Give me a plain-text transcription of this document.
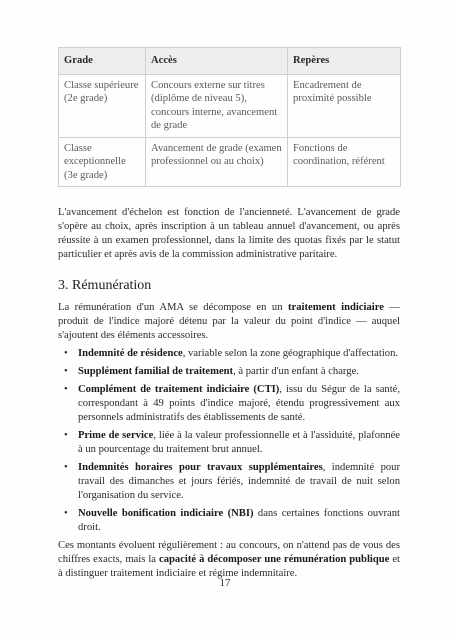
Grade	Accès	Repères
Classe supérieure (2e grade)	Concours externe sur titres (diplôme de niveau 5), concours interne, avancement de grade	Encadrement de proximité possible
Classe exceptionnelle (3e grade)	Avancement de grade (examen professionnel ou au choix)	Fonctions de coordination, référent

L'avancement d'échelon est fonction de l'ancienneté. L'avancement de grade s'opère au choix, après inscription à un tableau annuel d'avancement, ou après réussite à un examen professionnel, dans la limite des quotas fixés par le statut particulier et après avis de la commission administrative paritaire.

3. Rémunération

La rémunération d'un AMA se décompose en un traitement indiciaire — produit de l'indice majoré détenu par la valeur du point d'indice — auquel s'ajoutent des éléments accessoires.

• Indemnité de résidence, variable selon la zone géographique d'affectation.
• Supplément familial de traitement, à partir d'un enfant à charge.
• Complément de traitement indiciaire (CTI), issu du Ségur de la santé, correspondant à 49 points d'indice majoré, étendu progressivement aux personnels administratifs des établissements de santé.
• Prime de service, liée à la valeur professionnelle et à l'assiduité, plafonnée à un pourcentage du traitement brut annuel.
• Indemnités horaires pour travaux supplémentaires, indemnité pour travail des dimanches et jours fériés, indemnité de travail de nuit selon l'organisation du service.
• Nouvelle bonification indiciaire (NBI) dans certaines fonctions ouvrant droit.

Ces montants évoluent régulièrement : au concours, on n'attend pas de vous des chiffres exacts, mais la capacité à décomposer une rémunération publique et à distinguer traitement indiciaire et régime indemnitaire.

17
